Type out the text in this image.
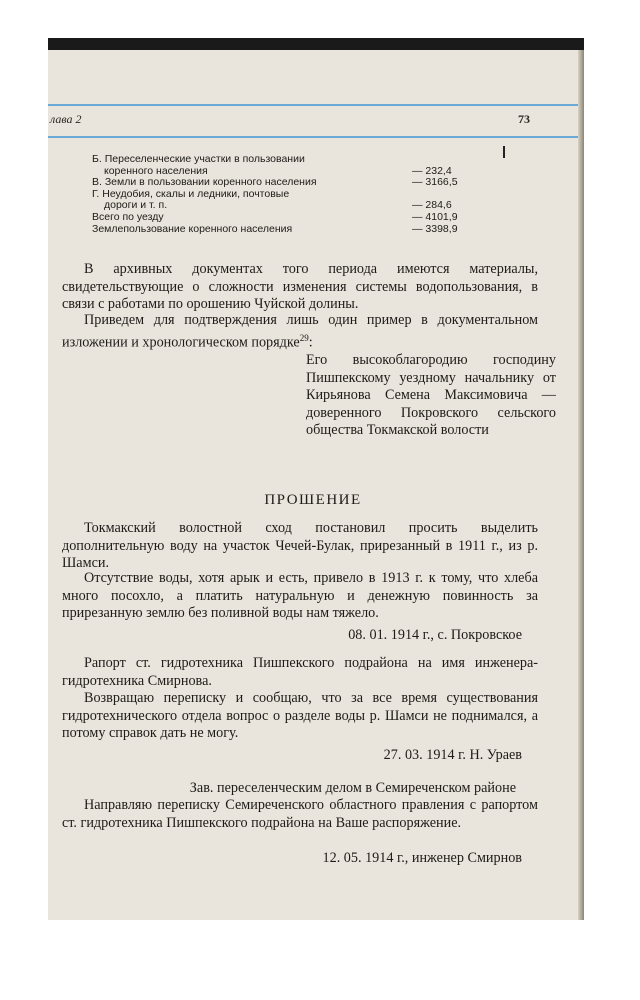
лава 2	73
Б. Переселенческие участки в пользовании
коренного населения	— 232,4
В. Земли в пользовании коренного населения	— 3166,5
Г. Неудобия, скалы и ледники, почтовые
дороги и т. п.	— 284,6
Всего по уезду	— 4101,9
Землепользование коренного населения	— 3398,9

В архивных документах того периода имеются материалы, свидетельствующие о сложности изменения системы водопользования, в связи с работами по орошению Чуйской долины.

Приведем для подтверждения лишь один пример в документальном изложении и хронологическом порядке$^{29}$:

Его высокоблагородию господину Пишпекскому уездному начальнику от Кирьянова Семена Максимовича — доверенного Покровского сельского общества Токмакской волости

ПРОШЕНИЕ

Токмакский волостной сход постановил просить выделить дополнительную воду на участок Чечей-Булак, прирезанный в 1911 г., из р. Шамси.

Отсутствие воды, хотя арык и есть, привело в 1913 г. к тому, что хлеба много посохло, а платить натуральную и денежную повинность за прирезанную землю без поливной воды нам тяжело.

08. 01. 1914 г., с. Покровское

Рапорт ст. гидротехника Пишпекского подрайона на имя инженера-гидротехника Смирнова.

Возвращаю переписку и сообщаю, что за все время существования гидротехнического отдела вопрос о разделе воды р. Шамси не поднимался, а потому справок дать не могу.

27. 03. 1914 г. Н. Ураев

Зав. переселенческим делом в Семиреченском районе

Направляю переписку Семиреченского областного правления с рапортом ст. гидротехника Пишпекского подрайона на Ваше распоряжение.

12. 05. 1914 г., инженер Смирнов
